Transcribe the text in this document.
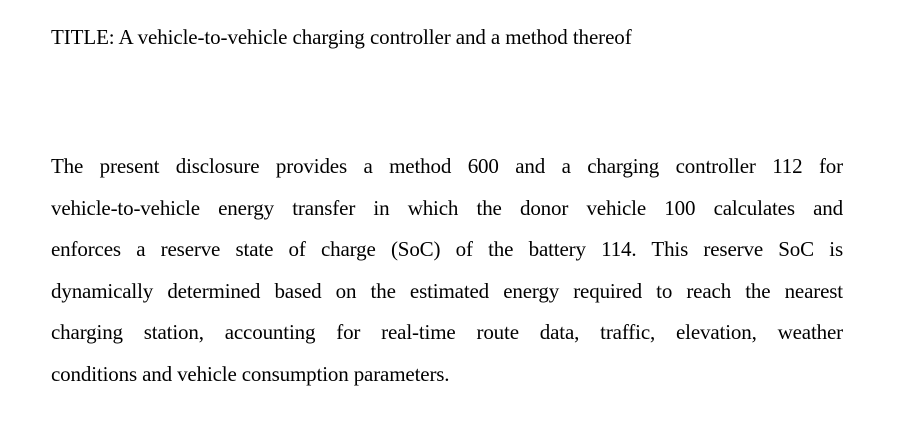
TITLE: A vehicle-to-vehicle charging controller and a method thereof
The present disclosure provides a method 600 and a charging controller 112 for
vehicle-to-vehicle energy transfer in which the donor vehicle 100 calculates and
enforces a reserve state of charge (SoC) of the battery 114. This reserve SoC is
dynamically determined based on the estimated energy required to reach the nearest
charging station, accounting for real-time route data, traffic, elevation, weather
conditions and vehicle consumption parameters.
